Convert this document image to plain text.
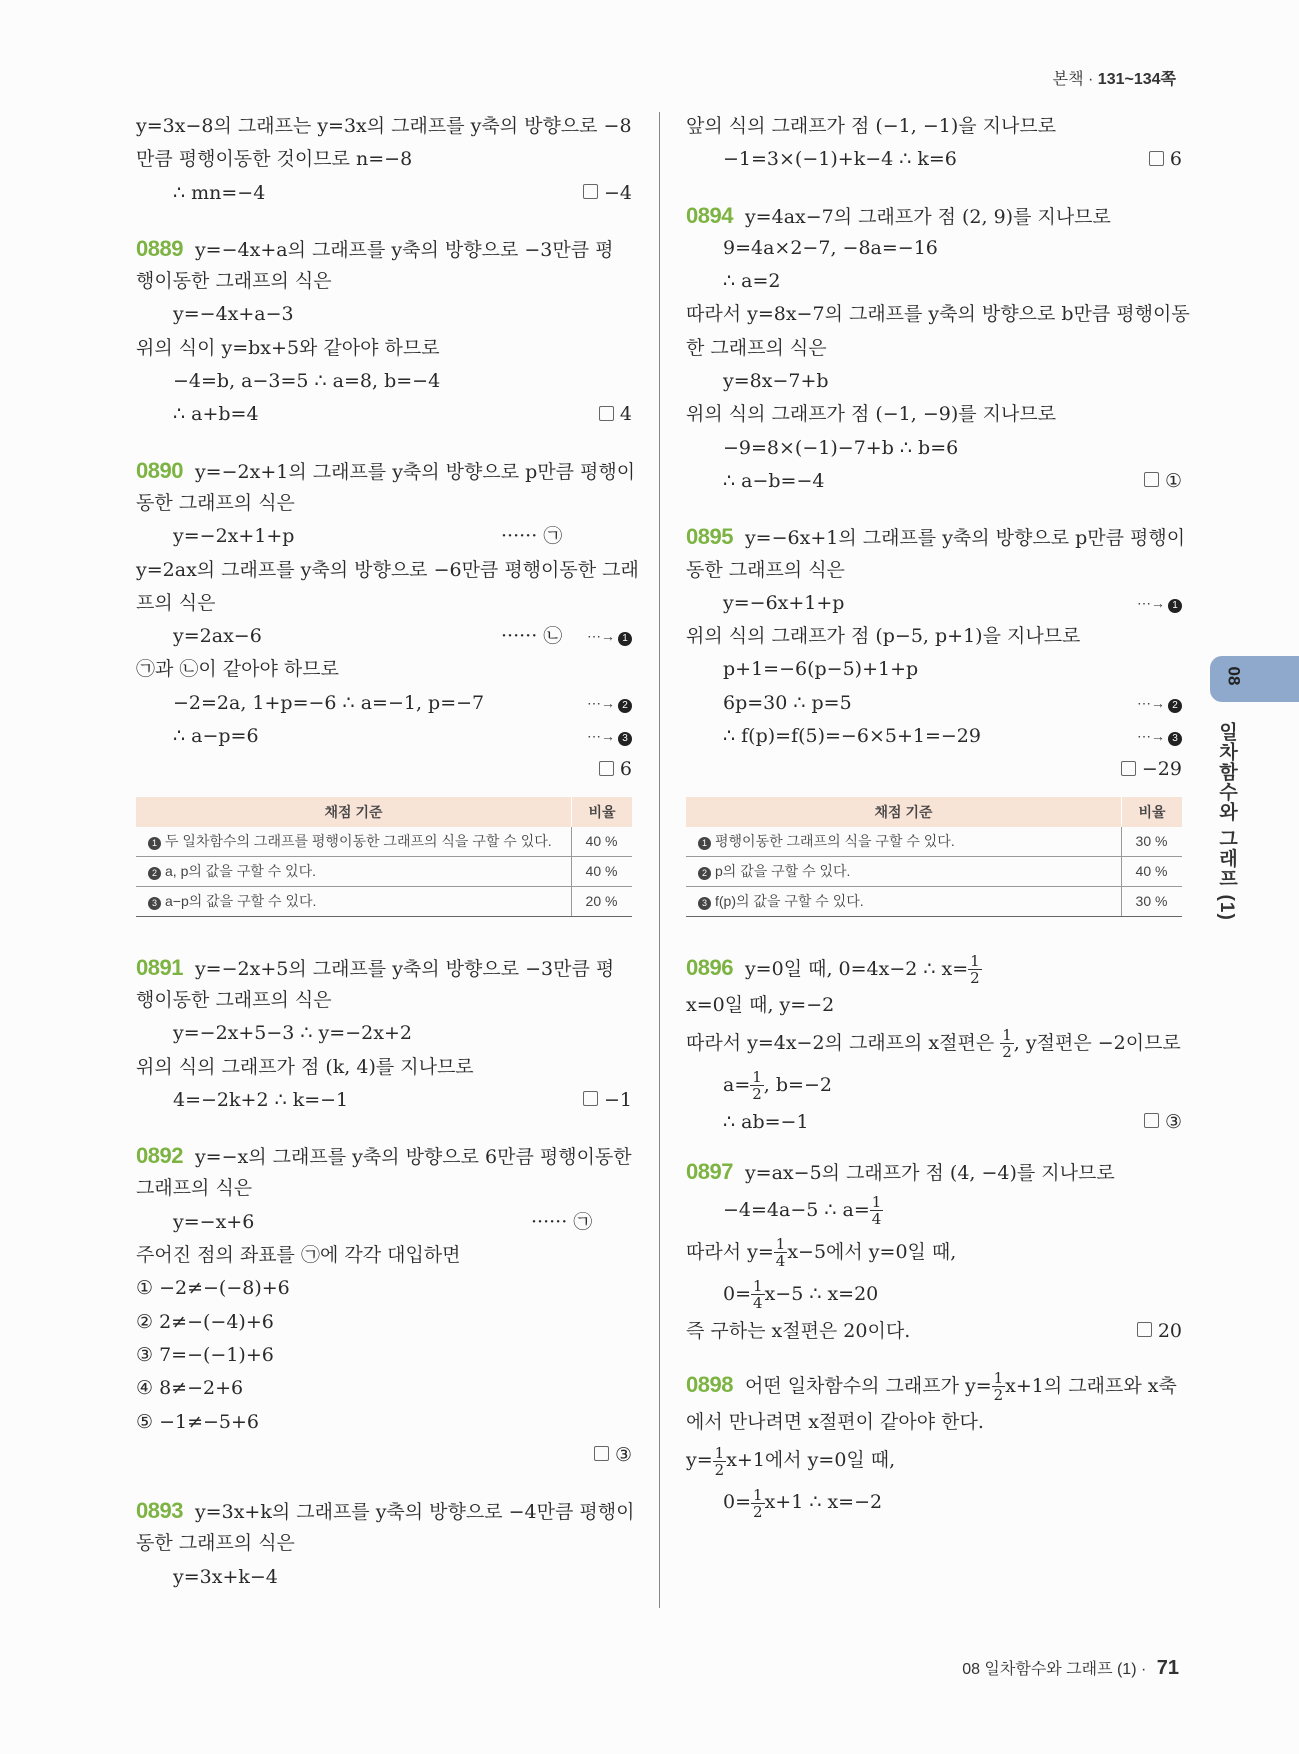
본책 · 131~134쪽
y=3x−8의 그래프는 y=3x의 그래프를 y축의 방향으로 −8
만큼 평행이동한 것이므로 n=−8
∴ mn=−4	−4
0889 y=−4x+a의 그래프를 y축의 방향으로 −3만큼 평
행이동한 그래프의 식은
y=−4x+a−3
위의 식이 y=bx+5와 같아야 하므로
−4=b, a−3=5 ∴ a=8, b=−4
∴ a+b=4	4
0890 y=−2x+1의 그래프를 y축의 방향으로 p만큼 평행이
동한 그래프의 식은
y=−2x+1+p	······ ㉠
y=2ax의 그래프를 y축의 방향으로 −6만큼 평행이동한 그래
프의 식은
y=2ax−6	······ ㉡ ⋯→ 1
㉠과 ㉡이 같아야 하므로
−2=2a, 1+p=−6 ∴ a=−1, p=−7	⋯→ 2
∴ a−p=6	⋯→ 3
6
채점 기준	비율
1 두 일차함수의 그래프를 평행이동한 그래프의 식을 구할 수 있다.	40 %
2 a, p의 값을 구할 수 있다.	40 %
3 a−p의 값을 구할 수 있다.	20 %
0891 y=−2x+5의 그래프를 y축의 방향으로 −3만큼 평
행이동한 그래프의 식은
y=−2x+5−3 ∴ y=−2x+2
위의 식의 그래프가 점 (k, 4)를 지나므로
4=−2k+2 ∴ k=−1	−1
0892 y=−x의 그래프를 y축의 방향으로 6만큼 평행이동한
그래프의 식은
y=−x+6	······ ㉠
주어진 점의 좌표를 ㉠에 각각 대입하면
① −2≠−(−8)+6
② 2≠−(−4)+6
③ 7=−(−1)+6
④ 8≠−2+6
⑤ −1≠−5+6
③
0893 y=3x+k의 그래프를 y축의 방향으로 −4만큼 평행이
동한 그래프의 식은
y=3x+k−4
앞의 식의 그래프가 점 (−1, −1)을 지나므로
−1=3×(−1)+k−4 ∴ k=6	6
0894 y=4ax−7의 그래프가 점 (2, 9)를 지나므로
9=4a×2−7, −8a=−16
∴ a=2
따라서 y=8x−7의 그래프를 y축의 방향으로 b만큼 평행이동
한 그래프의 식은
y=8x−7+b
위의 식의 그래프가 점 (−1, −9)를 지나므로
−9=8×(−1)−7+b ∴ b=6
∴ a−b=−4	①
0895 y=−6x+1의 그래프를 y축의 방향으로 p만큼 평행이
동한 그래프의 식은
y=−6x+1+p	⋯→ 1
위의 식의 그래프가 점 (p−5, p+1)을 지나므로
p+1=−6(p−5)+1+p
6p=30 ∴ p=5	⋯→ 2
∴ f(p)=f(5)=−6×5+1=−29	⋯→ 3
−29
채점 기준	비율
1 평행이동한 그래프의 식을 구할 수 있다.	30 %
2 p의 값을 구할 수 있다.	40 %
3 f(p)의 값을 구할 수 있다.	30 %
0896 y=0일 때, 0=4x−2 ∴ $x= \frac{1}{2}$
x=0일 때, y=−2
따라서 y=4x−2의 그래프의 x절편은 $\frac{1}{2}$ , y절편은 −2이므로
$a= \frac{1}{2}$ , b=−2
∴ ab=−1	③
0897 y=ax−5의 그래프가 점 (4, −4)를 지나므로
−4=4a−5 ∴ $a= \frac{1}{4}$
따라서 $y= \frac{1}{4} x-5$에서 y=0일 때,
$0= \frac{1}{4} x-5$ ∴ x=20
즉 구하는 x절편은 20이다.	20
0898 어떤 일차함수의 그래프가 $y= \frac{1}{2} x+1$의 그래프와 x축
에서 만나려면 x절편이 같아야 한다.
$y= \frac{1}{2} x+1$에서 y=0일 때,
$0= \frac{1}{2} x+1$ ∴ x=−2
08
일차함수와 그래프 (1)
08 일차함수와 그래프 (1) · 71
